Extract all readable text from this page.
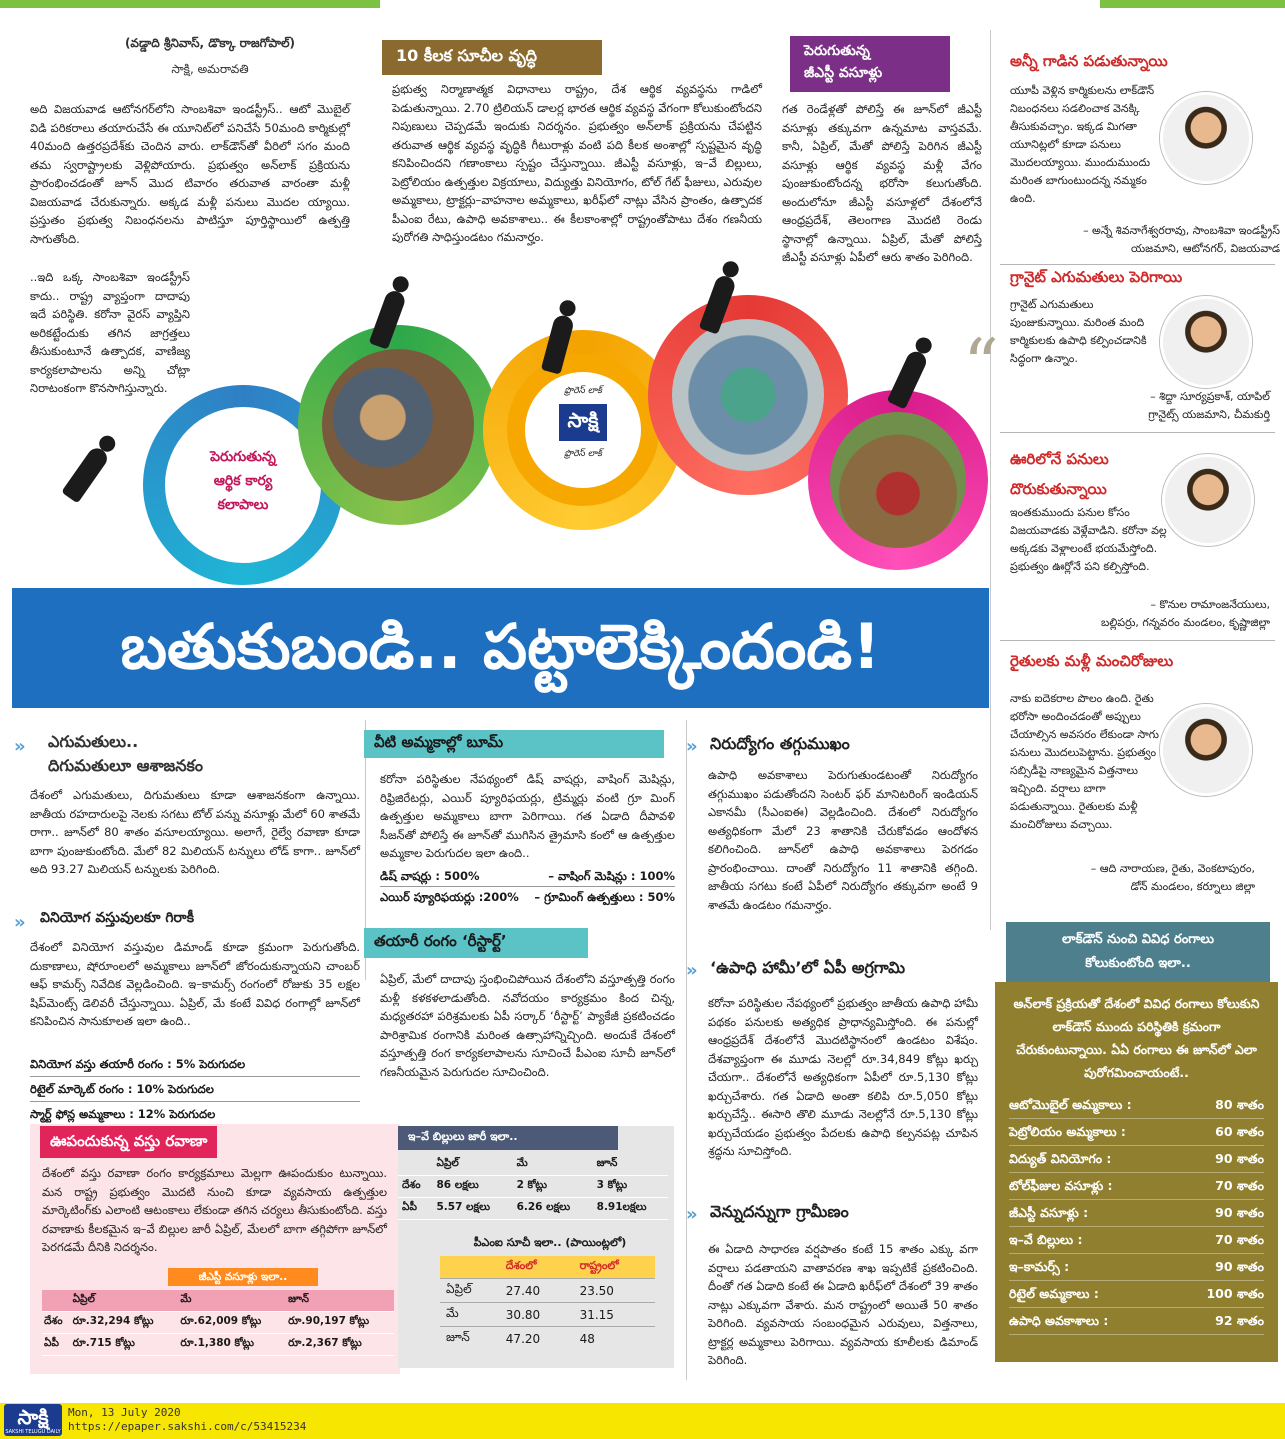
(వడ్డాది శ్రీనివాస్, డొక్కా రాజగోపాల్)
సాక్షి, అమరావతి
అది విజయవాడ ఆటోనగర్‌లోని సాంబశివా ఇండస్ట్రీస్‌.. ఆటో మొబైల్‌ విడి పరికరాలు తయారుచేసే ఈ యూనిట్‌లో పనిచేసే 50మంది కార్మికుల్లో 40మంది ఉత్తరప్రదేశ్‌కు చెందిన వారు. లాక్‌డౌన్‌తో వీరిలో సగం మంది తమ స్వరాష్ట్రాలకు వెళ్లిపోయారు. ప్రభుత్వం అన్‌లాక్‌ ప్రక్రియను ప్రారంభించడంతో జూన్‌ మొద టివారం తరువాత వారంతా మళ్లీ విజయవాడ చేరుకున్నారు. అక్కడ మళ్లీ పనులు మొదల య్యాయి. ప్రస్తుతం ప్రభుత్వ నిబంధనలను పాటిస్తూ పూర్తిస్థాయిలో ఉత్పత్తి సాగుతోంది.
..ఇది ఒక్క సాంబశివా ఇండస్ట్రీస్‌ కాదు.. రాష్ట్ర వ్యాప్తంగా దాదాపు ఇదే పరిస్థితి. కరోనా వైరస్‌ వ్యాప్తిని అరికట్టేందుకు తగిన జాగ్రత్తలు తీసుకుంటూనే ఉత్పాదక, వాణిజ్య కార్యకలాపాలను అన్ని చోట్లా నిరాటంకంగా కొనసాగిస్తున్నారు.
10 కీలక సూచీల వృద్ధి
ప్రభుత్వ నిర్మాణాత్మక విధానాలు రాష్ట్రం, దేశ ఆర్థిక వ్యవస్థను గాడిలో పెడుతున్నాయి. 2.70 ట్రిలియన్‌ డాలర్ల భారత ఆర్థిక వ్యవస్థ వేగంగా కోలుకుంటోందని నిపుణులు చెప్పడమే ఇందుకు నిదర్శనం. ప్రభుత్వం అన్‌లాక్‌ ప్రక్రియను చేపట్టిన తరువాత ఆర్థిక వ్యవస్థ వృద్ధికి గీటురాళ్లు వంటి పది కీలక అంశాల్లో స్పష్టమైన వృద్ధి కనిపించిందని గణాంకాలు స్పష్టం చేస్తున్నాయి. జీఎస్టీ వసూళ్లు, ఇ–వే బిల్లులు, పెట్రోలియం ఉత్పత్తుల విక్రయాలు, విద్యుత్తు వినియోగం, టోల్‌ గేట్‌ ఫీజులు, ఎరువుల అమ్మకాలు, ట్రాక్టర్లు–వాహనాల అమ్మకాలు, ఖరీఫ్‌లో నాట్లు వేసిన ప్రాంతం, ఉత్పాదక పీఎంఐ రేటు, ఉపాధి అవకాశాలు.. ఈ కీలకాంశాల్లో రాష్ట్రంతోపాటు దేశం గణనీయ పురోగతి సాధిస్తుండటం గమనార్హం.
పెరుగుతున్న
జీఎస్టీ వసూళ్లు
గత రెండేళ్లతో పోలిస్తే ఈ జూన్‌లో జీఎస్టీ వసూళ్లు తక్కువగా ఉన్నమాట వాస్తవమే. కానీ, ఏప్రిల్‌, మేతో పోలిస్తే పెరిగిన జీఎస్టీ వసూళ్లు ఆర్థిక వ్యవస్థ మళ్లీ వేగం పుంజుకుంటోందన్న భరోసా కలుగుతోంది. అందులోనూ జీఎస్టీ వసూళ్లలో దేశంలోనే ఆంధ్రప్రదేశ్‌, తెలంగాణ మొదటి రెండు స్థానాల్లో ఉన్నాయి. ఏప్రిల్‌, మేతో పోలిస్తే జీఎస్టీ వసూళ్లు ఏపీలో ఆరు శాతం పెరిగింది.
పెరుగుతున్న
ఆర్థిక కార్య
కలాపాలు
ఫ్రొరెస్ లాక్
సాక్షి
ఫ్రొరెస్ లాక్
బతుకుబండి.. పట్టాలెక్కిందండి!
“
అన్నీ గాడిన పడుతున్నాయి
యూపీ వెళ్లిన కార్మికులను లాక్‌డౌన్‌ నిబంధనలు సడలించాక వెనక్కి తీసుకువచ్చాం. ఇక్కడ మిగతా యూనిట్లలో కూడా పనులు మొదలయ్యాయి. ముందుముందు మరింత బాగుంటుందన్న నమ్మకం ఉంది.
– అన్నే శివనాగేశ్వరరావు, సాంబశివా ఇండస్ట్రీస్‌
యజమాని, ఆటోనగర్‌, విజయవాడ
గ్రానైట్‌ ఎగుమతులు పెరిగాయి
గ్రానైట్‌ ఎగుమతులు పుంజుకున్నాయి. మరింత మంది కార్మికులకు ఉపాధి కల్పించడానికి సిద్ధంగా ఉన్నాం.
– శిద్దా సూర్యప్రకాశ్‌, యాపిల్‌
గ్రానైట్స్‌ యజమాని, చీమకుర్తి
ఊరిలోనే పనులు దొరుకుతున్నాయి
ఇంతకుముందు పనుల కోసం విజయవాడకు వెళ్లేవాడిని. కరోనా వల్ల అక్కడకు వెళ్లాలంటే భయమేస్తోంది. ప్రభుత్వం ఊర్లోనే పని కల్పిస్తోంది.
– కొనుల రామాంజనేయులు,
బల్లిపర్రు, గన్నవరం మండలం, కృష్ణాజిల్లా
రైతులకు మళ్లీ మంచిరోజులు
నాకు ఐదెకరాల పొలం ఉంది. రైతు భరోసా అందించడంతో అప్పులు చేయాల్సిన అవసరం లేకుండా సాగు పనులు మొదలుపెట్టాను. ప్రభుత్వం సబ్సిడీపై నాణ్యమైన విత్తనాలు ఇచ్చింది. వర్షాలు బాగా పడుతున్నాయి. రైతులకు మళ్లీ మంచిరోజులు వచ్చాయి.
– ఆది నారాయణ, రైతు, వెంకటాపురం,
డోన్‌ మండలం, కర్నూలు జిల్లా
లాక్‌డౌన్‌ నుంచి వివిధ రంగాలు
కోలుకుంటోంది ఇలా..
అన్‌లాక్‌ ప్రక్రియతో దేశంలో వివిధ రంగాలు కోలుకుని లాక్‌డౌన్‌ ముందు పరిస్థితికి క్రమంగా చేరుకుంటున్నాయి. ఏఏ రంగాలు ఈ జూన్‌లో ఎలా పురోగమించాయంటే..
ఆటోమొబైల్‌ అమ్మకాలు :	80 శాతం
పెట్రోలియం అమ్మకాలు :	60 శాతం
విద్యుత్‌ వినియోగం :	90 శాతం
టోల్‌ఫీజుల వసూళ్లు :	70 శాతం
జీఎస్టీ వసూళ్లు :	90 శాతం
ఇ–వే బిల్లులు :	70 శాతం
ఇ–కామర్స్‌ :	90 శాతం
రిటైల్‌ అమ్మకాలు :	100 శాతం
ఉపాధి అవకాశాలు :	92 శాతం
» ఎగుమతులు..
దిగుమతులూ ఆశాజనకం
దేశంలో ఎగుమతులు, దిగుమతులు కూడా ఆశాజనకంగా ఉన్నాయి. జాతీయ రహదారులపై నెలకు సగటు టోల్‌ పన్ను వసూళ్లు మేలో 60 శాతమే రాగా.. జూన్‌లో 80 శాతం వసూలయ్యాయి. అలాగే, రైల్వే రవాణా కూడా బాగా పుంజుకుంటోంది. మేలో 82 మిలియన్‌ టన్నులు లోడ్‌ కాగా.. జూన్‌లో అది 93.27 మిలియన్‌ టన్నులకు పెరిగింది.
» వినియోగ వస్తువులకూ గిరాకీ
దేశంలో వినియోగ వస్తువుల డిమాండ్‌ కూడా క్రమంగా పెరుగుతోంది. దుకాణాలు, షోరూంలలో అమ్మకాలు జూన్‌లో జోరందుకున్నాయని చాంబర్‌ ఆఫ్‌ కామర్స్‌ నివేదిక వెల్లడించింది. ఇ–కామర్స్‌ రంగంలో రోజుకు 35 లక్షల షిప్‌మెంట్స్‌ డెలివరీ చేస్తున్నాయి. ఏప్రిల్‌, మే కంటే వివిధ రంగాల్లో జూన్‌లో కనిపించిన సానుకూలత ఇలా ఉంది..
వినియోగ వస్తు తయారీ రంగం : 5% పెరుగుదల
రిటైల్‌ మార్కెట్‌ రంగం : 10% పెరుగుదల
స్మార్ట్‌ ఫోన్ల అమ్మకాలు : 12% పెరుగుదల
ఊపందుకున్న వస్తు రవాణా
దేశంలో వస్తు రవాణా రంగం కార్యక్రమాలు మెల్లగా ఊపందుకుం టున్నాయి. మన రాష్ట్ర ప్రభుత్వం మొదటి నుంచి కూడా వ్యవసాయ ఉత్పత్తుల మార్కెటింగ్‌కు ఎలాంటి ఆటంకాలు లేకుండా తగిన చర్యలు తీసుకుంటోంది. వస్తు రవాణాకు కీలకమైన ఇ–వే బిల్లుల జారీ ఏప్రిల్‌, మేలలో బాగా తగ్గిపోగా జూన్‌లో పెరగడమే దీనికి నిదర్శనం.
జీఎస్టీ వసూళ్లు ఇలా..
	ఏప్రిల్‌	మే	జూన్‌
దేశం	రూ.32,294 కోట్లు	రూ.62,009 కోట్లు	రూ.90,197 కోట్లు
ఏపీ	రూ.715 కోట్లు	రూ.1,380 కోట్లు	రూ.2,367 కోట్లు
వీటి అమ్మకాల్లో బూమ్‌
కరోనా పరిస్థితుల నేపథ్యంలో డిష్‌ వాషర్లు, వాషింగ్‌ మెషిన్లు, రిఫ్రిజిరేటర్లు, ఎయిర్‌ ప్యూరిఫయర్లు, ట్రిమ్మర్లు వంటి గ్రూ మింగ్‌ ఉత్పత్తుల అమ్మకాలు బాగా పెరిగాయి. గత ఏడాది దీపావళి సీజన్‌తో పోలిస్తే ఈ జూన్‌తో ముగిసిన త్రైమాసి కంలో ఆ ఉత్పత్తుల అమ్మకాల పెరుగుదల ఇలా ఉంది..
డిష్‌ వాషర్లు : 500%	– వాషింగ్‌ మెషిన్లు : 100%
ఎయిర్‌ ప్యూరిఫయర్లు :200% – గ్రూమింగ్‌ ఉత్పత్తులు : 50%
తయారీ రంగం ‘రీస్టార్ట్‌’
ఏప్రిల్‌, మేలో దాదాపు స్తంభించిపోయిన దేశంలోని వస్తూత్పత్తి రంగం మళ్లీ కళకళలాడుతోంది. నవోదయం కార్యక్రమం కింద చిన్న, మధ్యతరహా పరిశ్రమలకు ఏపీ సర్కార్‌ ‘రీస్టార్ట్‌’ ప్యాకేజీ ప్రకటించడం పారిశ్రామిక రంగానికి మరింత ఉత్సాహాన్నిచ్చింది. అందుకే దేశంలో వస్తూత్పత్తి రంగ కార్యకలాపాలను సూచించే పీఎంఐ సూచీ జూన్‌లో గణనీయమైన పెరుగుదల సూచించింది.
ఇ–వే బిల్లులు జారీ ఇలా..
	ఏప్రిల్‌	మే	జూన్‌
దేశం	86 లక్షలు	2 కోట్లు	3 కోట్లు
ఏపీ	5.57 లక్షలు	6.26 లక్షలు	8.91లక్షలు
పీఎంఐ సూచీ ఇలా.. (పాయింట్లలో)
	దేశంలో	రాష్ట్రంలో
ఏప్రిల్‌	27.40	23.50
మే	30.80	31.15
జూన్‌	47.20	48
» నిరుద్యోగం తగ్గుముఖం
ఉపాధి అవకాశాలు పెరుగుతుండటంతో నిరుద్యోగం తగ్గుముఖం పడుతోందని సెంటర్‌ ఫర్‌ మానిటరింగ్‌ ఇండియన్‌ ఎకానమీ (సీఎంఐఈ) వెల్లడించింది. దేశంలో నిరుద్యోగం అత్యధికంగా మేలో 23 శాతానికి చేరుకోవడం ఆందోళన కలిగించింది. జూన్‌లో ఉపాధి అవకాశాలు పెరగడం ప్రారంభించాయి. దాంతో నిరుద్యోగం 11 శాతానికి తగ్గింది. జాతీయ సగటు కంటే ఏపీలో నిరుద్యోగం తక్కువగా అంటే 9 శాతమే ఉండటం గమనార్హం.
» ‘ఉపాధి హామీ’లో ఏపీ అగ్రగామి
కరోనా పరిస్థితుల నేపథ్యంలో ప్రభుత్వం జాతీయ ఉపాధి హామీ పథకం పనులకు అత్యధిక ప్రాధాన్యమిస్తోంది. ఈ పనుల్లో ఆంధ్రప్రదేశ్‌ దేశంలోనే మొదటిస్థానంలో ఉండటం విశేషం. దేశవ్యాప్తంగా ఈ మూడు నెలల్లో రూ.34,849 కోట్లు ఖర్చు చేయగా.. దేశంలోనే అత్యధికంగా ఏపీలో రూ.5,130 కోట్లు ఖర్చుచేశారు. గత ఏడాది అంతా కలిపి రూ.5,050 కోట్లు ఖర్చుచేస్తే.. ఈసారి తొలి మూడు నెలల్లోనే రూ.5,130 కోట్లు ఖర్చుచేయడం ప్రభుత్వం పేదలకు ఉపాధి కల్పనపట్ల చూపిన శ్రద్ధను సూచిస్తోంది.
» వెన్నుదన్నుగా గ్రామీణం
ఈ ఏడాది సాధారణ వర్షపాతం కంటే 15 శాతం ఎక్కు వగా వర్షాలు పడతాయని వాతావరణ శాఖ ఇప్పటికే ప్రకటించింది. దీంతో గత ఏడాది కంటే ఈ ఏడాది ఖరీఫ్‌లో దేశంలో 39 శాతం నాట్లు ఎక్కువగా వేశారు. మన రాష్ట్రంలో అయితే 50 శాతం పెరిగింది. వ్యవసాయ సంబంధమైన ఎరువులు, విత్తనాలు, ట్రాక్టర్ల అమ్మకాలు పెరిగాయి. వ్యవసాయ కూలీలకు డిమాండ్‌ పెరిగింది.
సాక్షి
SAKSHI TELUGU DAILY
Mon, 13 July 2020
https://epaper.sakshi.com/c/53415234
